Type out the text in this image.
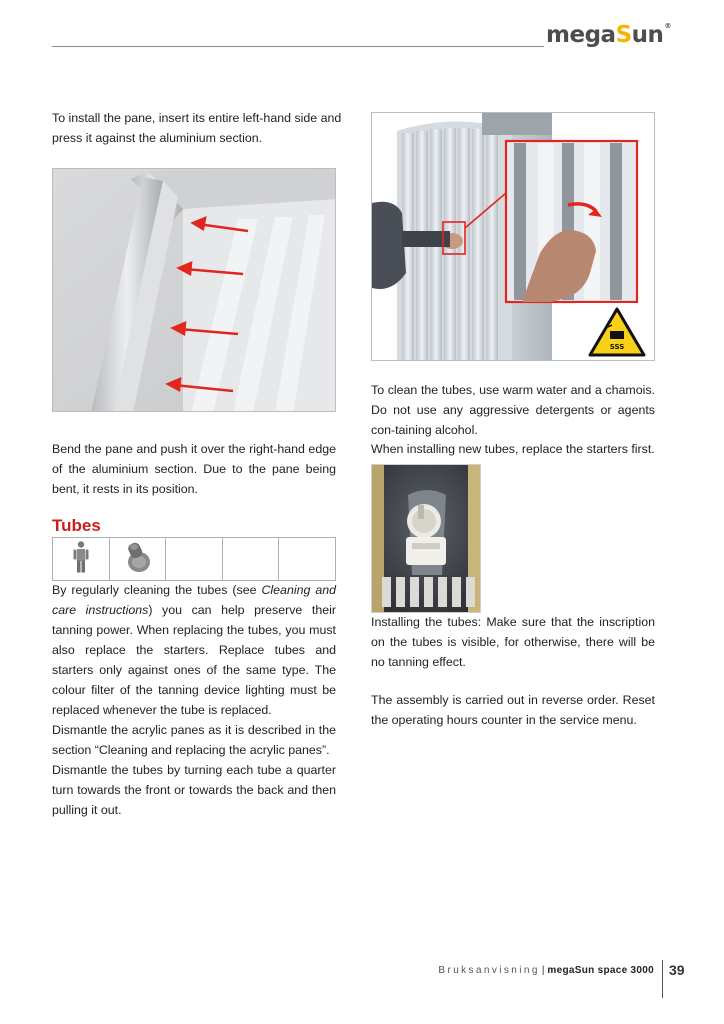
megaSun®

To install the pane, insert its entire left-hand side and press it against the aluminium section.

Bend the pane and push it over the right-hand edge of the aluminium section. Due to the pane being bent, it rests in its position.

Tubes

By regularly cleaning the tubes (see Cleaning and care instructions) you can help preserve their tanning power. When replacing the tubes, you must also replace the starters. Replace tubes and starters only against ones of the same type. The colour filter of the tanning device lighting must be replaced whenever the tube is replaced.
Dismantle the acrylic panes as it is described in the section “Cleaning and replacing the acrylic panes”.
Dismantle the tubes by turning each tube a quarter turn towards the front or towards the back and then pulling it out.
SSS

To clean the tubes, use warm water and a chamois. Do not use any aggressive detergents or agents con-taining alcohol.

When installing new tubes, replace the starters first.

Installing the tubes: Make sure that the inscription on the tubes is visible, for otherwise, there will be no tanning effect.

The assembly is carried out in reverse order. Reset the operating hours counter in the service menu.

Bruksanvisning | megaSun space 3000 39
